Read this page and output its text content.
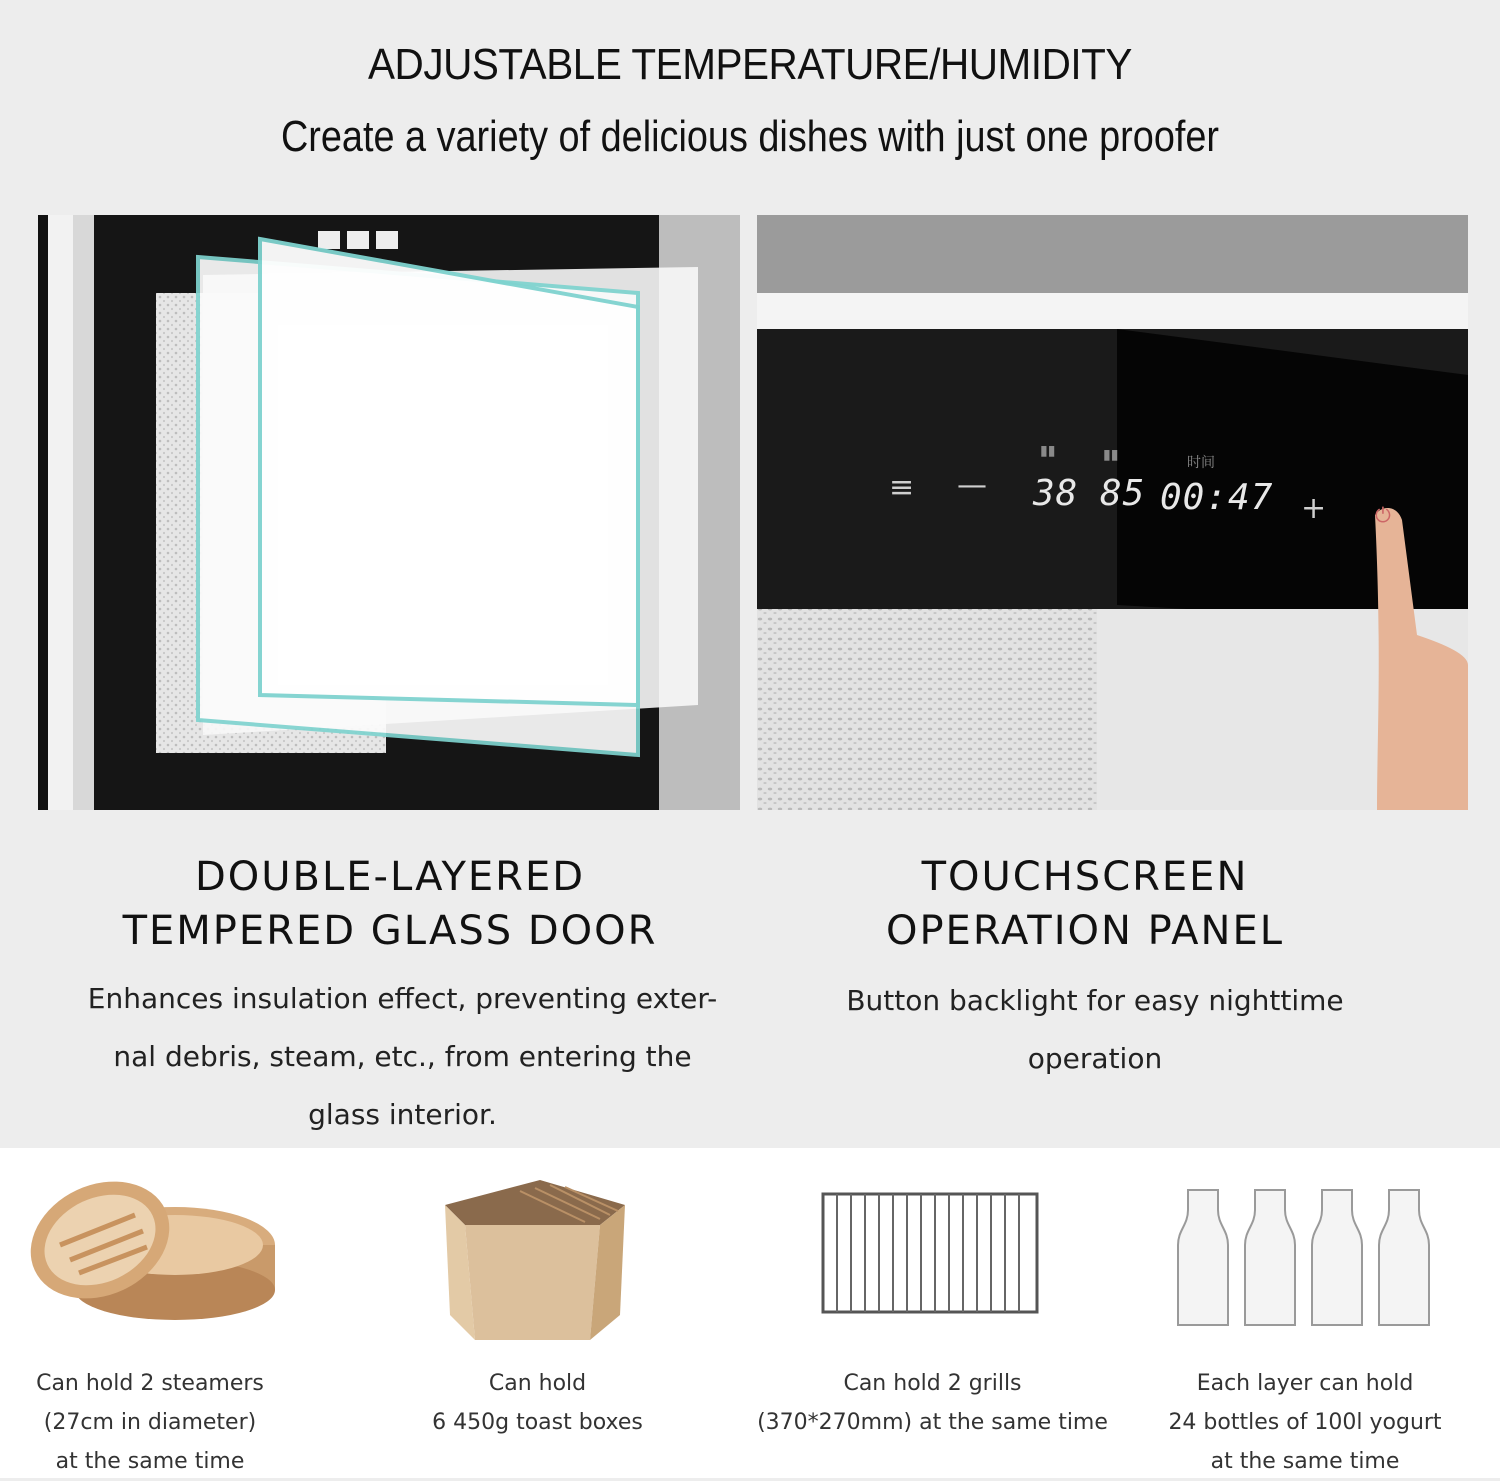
ADJUSTABLE TEMPERATURE/HUMIDITY
Create a variety of delicious dishes with just one proofer
≡ —
▮▮	▮▮	时间
38 85 00:47 + ⏻
DOUBLE-LAYERED
TEMPERED GLASS DOOR
Enhances insulation effect, preventing exter-
nal debris, steam, etc., from entering the
glass interior.
TOUCHSCREEN
OPERATION PANEL
Button backlight for easy nighttime
operation
Can hold 2 steamers
(27cm in diameter)
at the same time
Can hold
6 450g toast boxes
Can hold 2 grills
(370*270mm) at the same time
Each layer can hold
24 bottles of 100l yogurt
at the same time
